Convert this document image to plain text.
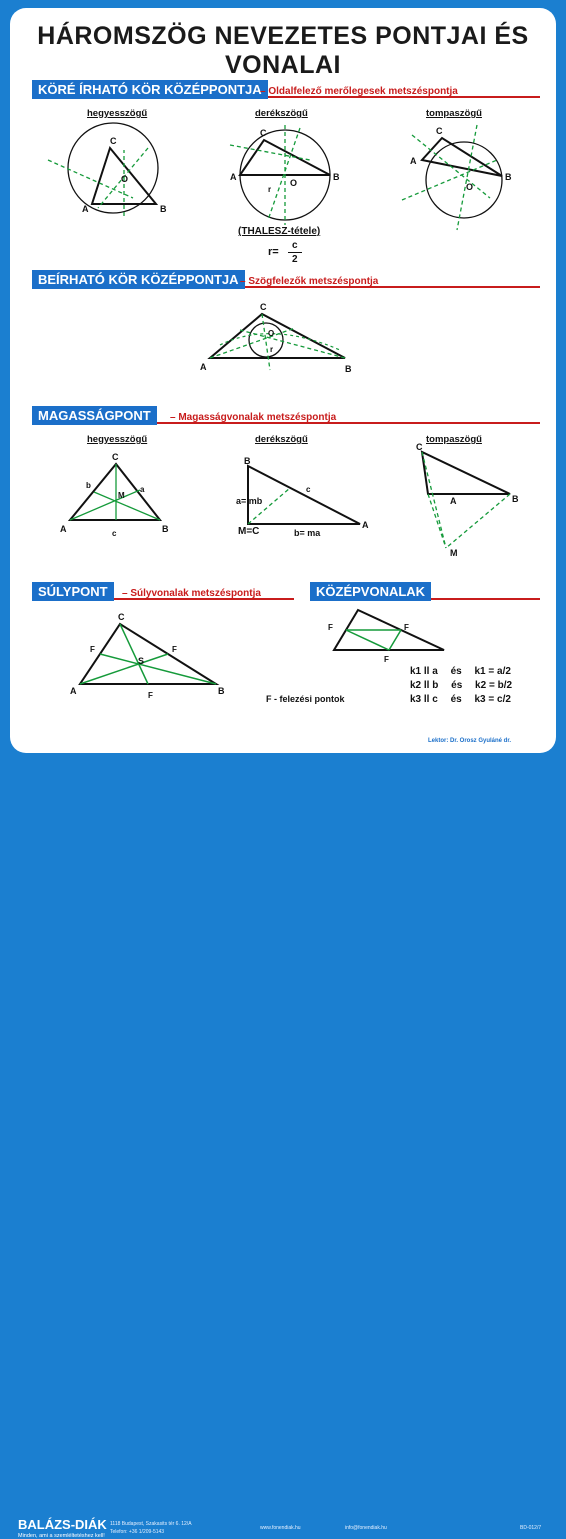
HÁROMSZÖG NEVEZETES PONTJAI ÉS VONALAI
KÖRÉ ÍRHATÓ KÖR KÖZÉPPONTJA
– Oldalfelező merőlegesek metszéspontja
hegyesszögű	derékszögű	tompaszögű
A	B
C
O	A	B
C
O
r
(THALESZ-tétele)
r=
c
2
A
B
C
O
BEÍRHATÓ KÖR KÖZÉPPONTJA – Szögfelezők metszéspontja
A	B
C
O
r
MAGASSÁGPONT	– Magasságvonalak metszéspontja
hegyesszögű	derékszögű	tompaszögű
A	B
C
M
b	a
c
B
A
c
a= mb
b= ma
M=C
C
B
A
M
SÚLYPONT	– Súlyvonalak metszéspontja
A	B
C
S
F	F
F	F - felezési pontok
KÖZÉPVONALAK
F	F
F
k1 ll a és k1 = a/2
k2 ll b és k2 = b/2
k3 ll c és k3 = c/2
Lektor: Dr. Orosz Gyuláné dr.
BALÁZS-DIÁK
Minden, ami a szemléltetéshez kell!
1118 Budapest, Szakasits tér 6. 12/A
Telefon: +36 1/209-5143
www.fonendiak.hu	info@fonendiak.hu	BD-012/7
